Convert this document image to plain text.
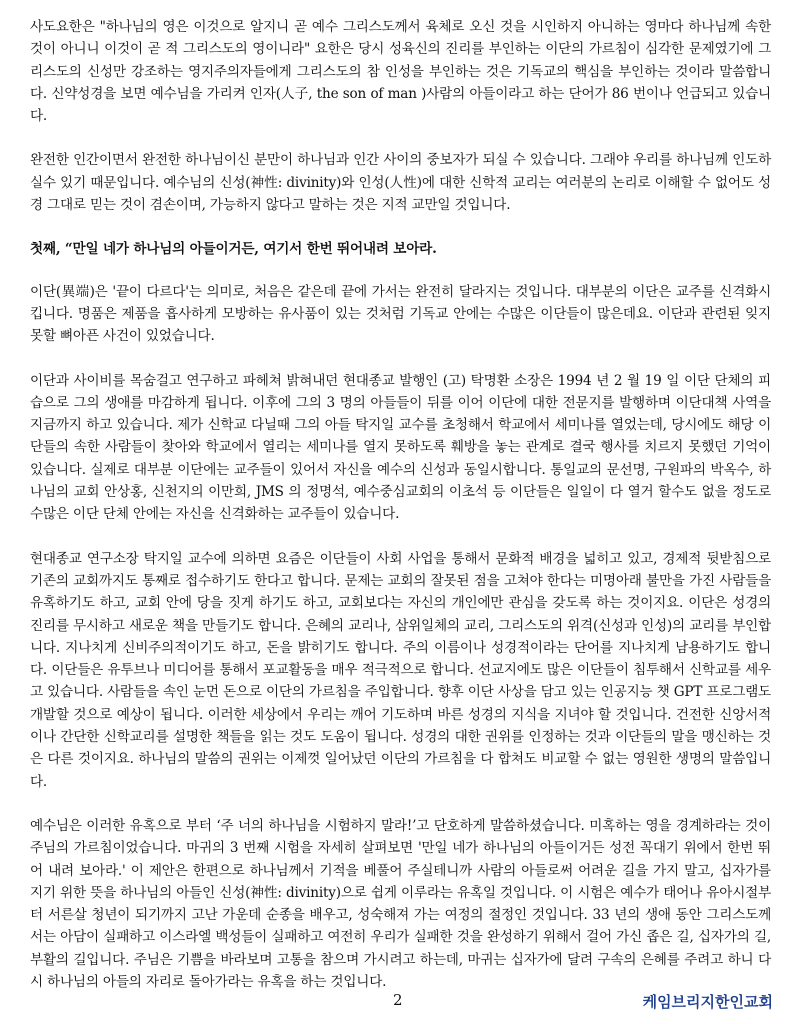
사도요한은 "하나님의 영은 이것으로 알지니 곧 예수 그리스도께서 육체로 오신 것을 시인하지 아니하는 영마다 하나님께 속한 것이 아니니 이것이 곧 적 그리스도의 영이니라" 요한은 당시 성육신의 진리를 부인하는 이단의 가르침이 심각한 문제였기에 그리스도의 신성만 강조하는 영지주의자들에게 그리스도의 참 인성을 부인하는 것은 기독교의 핵심을 부인하는 것이라 말씀합니다. 신약성경을 보면 예수님을 가리켜 인자(人子, the son of man )사람의 아들이라고 하는 단어가 86 번이나 언급되고 있습니다.

완전한 인간이면서 완전한 하나님이신 분만이 하나님과 인간 사이의 중보자가 되실 수 있습니다. 그래야 우리를 하나님께 인도하실수 있기 때문입니다. 예수님의 신성(神性: divinity)와 인성(人性)에 대한 신학적 교리는 여러분의 논리로 이해할 수 없어도 성경 그대로 믿는 것이 겸손이며, 가능하지 않다고 말하는 것은 지적 교만일 것입니다.

첫째, “만일 네가 하나님의 아들이거든, 여기서 한번 뛰어내려 보아라.

이단(異端)은 '끝이 다르다'는 의미로, 처음은 같은데 끝에 가서는 완전히 달라지는 것입니다. 대부분의 이단은 교주를 신격화시킵니다. 명품은 제품을 흡사하게 모방하는 유사품이 있는 것처럼 기독교 안에는 수많은 이단들이 많은데요. 이단과 관련된 잊지 못할 뼈아픈 사건이 있었습니다.

이단과 사이비를 목숨걸고 연구하고 파헤쳐 밝혀내던 현대종교 발행인 (고) 탁명환 소장은 1994 년 2 월 19 일 이단 단체의 피습으로 그의 생애를 마감하게 됩니다. 이후에 그의 3 명의 아들들이 뒤를 이어 이단에 대한 전문지를 발행하며 이단대책 사역을 지금까지 하고 있습니다. 제가 신학교 다닐때 그의 아들 탁지일 교수를 초청해서 학교에서 세미나를 열었는데, 당시에도 해당 이단들의 속한 사람들이 찾아와 학교에서 열리는 세미나를 열지 못하도록 훼방을 놓는 관계로 결국 행사를 치르지 못했던 기억이 있습니다. 실제로 대부분 이단에는 교주들이 있어서 자신을 예수의 신성과 동일시합니다. 통일교의 문선명, 구원파의 박옥수, 하나님의 교회 안상홍, 신천지의 이만희, JMS 의 정명석, 예수중심교회의 이초석 등 이단들은 일일이 다 열거 할수도 없을 정도로 수많은 이단 단체 안에는 자신을 신격화하는 교주들이 있습니다.

현대종교 연구소장 탁지일 교수에 의하면 요즘은 이단들이 사회 사업을 통해서 문화적 배경을 넓히고 있고, 경제적 뒷받침으로 기존의 교회까지도 통째로 접수하기도 한다고 합니다. 문제는 교회의 잘못된 점을 고쳐야 한다는 미명아래 불만을 가진 사람들을 유혹하기도 하고, 교회 안에 당을 짓게 하기도 하고, 교회보다는 자신의 개인에만 관심을 갖도록 하는 것이지요. 이단은 성경의 진리를 무시하고 새로운 책을 만들기도 합니다. 은혜의 교리나, 삼위일체의 교리, 그리스도의 위격(신성과 인성)의 교리를 부인합니다. 지나치게 신비주의적이기도 하고, 돈을 밝히기도 합니다. 주의 이름이나 성경적이라는 단어를 지나치게 남용하기도 합니다. 이단들은 유투브나 미디어를 통해서 포교활동을 매우 적극적으로 합니다. 선교지에도 많은 이단들이 침투해서 신학교를 세우고 있습니다. 사람들을 속인 눈먼 돈으로 이단의 가르침을 주입합니다. 향후 이단 사상을 담고 있는 인공지능 챗 GPT 프로그램도 개발할 것으로 예상이 됩니다. 이러한 세상에서 우리는 깨어 기도하며 바른 성경의 지식을 지녀야 할 것입니다. 건전한 신앙서적이나 간단한 신학교리를 설명한 책들을 읽는 것도 도움이 됩니다. 성경의 대한 권위를 인정하는 것과 이단들의 말을 맹신하는 것은 다른 것이지요. 하나님의 말씀의 권위는 이제껏 일어났던 이단의 가르침을 다 합쳐도 비교할 수 없는 영원한 생명의 말씀입니다.

예수님은 이러한 유혹으로 부터 ‘주 너의 하나님을 시험하지 말라!’고 단호하게 말씀하셨습니다. 미혹하는 영을 경계하라는 것이 주님의 가르침이었습니다. 마귀의 3 번째 시험을 자세히 살펴보면 '만일 네가 하나님의 아들이거든 성전 꼭대기 위에서 한번 뛰어 내려 보아라.' 이 제안은 한편으로 하나님께서 기적을 베풀어 주실테니까 사람의 아들로써 어려운 길을 가지 말고, 십자가를 지기 위한 뜻을 하나님의 아들인 신성(神性: divinity)으로 쉽게 이루라는 유혹일 것입니다. 이 시험은 예수가 태어나 유아시절부터 서른살 청년이 되기까지 고난 가운데 순종을 배우고, 성숙해져 가는 여정의 절정인 것입니다. 33 년의 생애 동안 그리스도께서는 아담이 실패하고 이스라엘 백성들이 실패하고 여전히 우리가 실패한 것을 완성하기 위해서 걸어 가신 좁은 길, 십자가의 길, 부활의 길입니다. 주님은 기쁨을 바라보며 고통을 참으며 가시려고 하는데, 마귀는 십자가에 달려 구속의 은혜를 주려고 하니 다시 하나님의 아들의 자리로 돌아가라는 유혹을 하는 것입니다.

2	케임브리지한인교회
